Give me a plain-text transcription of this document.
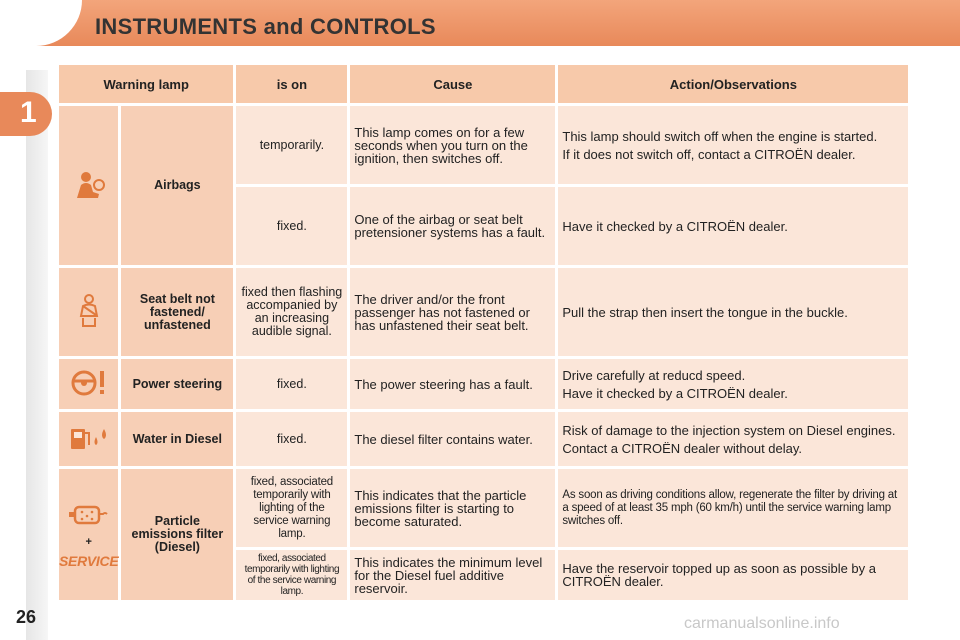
INSTRUMENTS and CONTROLS
1
Warning lamp		is on	Cause	Action/Observations
	Airbags	temporarily.	This lamp comes on for a few seconds when you turn on the ignition, then switches off.	This lamp should switch off when the engine is started.
If it does not switch off, contact a CITROËN dealer.

		fixed.	One of the airbag or seat belt pretensioner systems has a fault.	Have it checked by a CITROËN dealer.
	Seat belt not fastened/ unfastened	fixed then flashing accompanied by an increasing audible signal.	The driver and/or the front passenger has not fastened or has unfastened their seat belt.	Pull the strap then insert the tongue in the buckle.
	Power steering	fixed.	The power steering has a fault.	Drive carefully at reducd speed.
Have it checked by a CITROËN dealer.

	Water in Diesel	fixed.	The diesel filter contains water.	Risk of damage to the injection system on Diesel engines.
Contact a CITROËN dealer without delay.

+
SERVICE	Particle emissions filter (Diesel)	fixed, associated temporarily with lighting of the service warning lamp.	This indicates that the particle emissions filter is starting to become saturated.	As soon as driving conditions allow, regenerate the filter by driving at a speed of at least 35 mph (60 km/h) until the service warning lamp switches off.
		fixed, associated temporarily with lighting of the service warning lamp.	This indicates the minimum level for the Diesel fuel additive reservoir.	Have the reservoir topped up as soon as possible by a CITROËN dealer.
26	carmanualsonline.info
